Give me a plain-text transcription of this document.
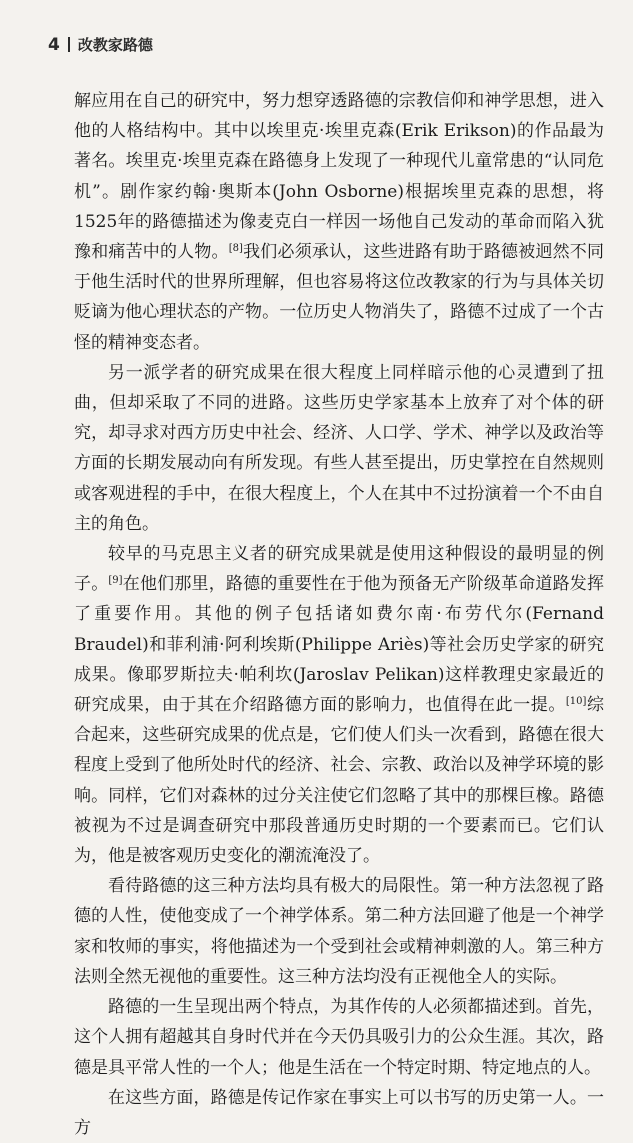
4 改教家路德

解应用在自己的研究中，努力想穿透路德的宗教信仰和神学思想，进入他的人格结构中。其中以埃里克·埃里克森(Erik Erikson)的作品最为著名。埃里克·埃里克森在路德身上发现了一种现代儿童常患的“认同危机”。剧作家约翰·奥斯本(John Osborne)根据埃里克森的思想，将1525年的路德描述为像麦克白一样因一场他自己发动的革命而陷入犹豫和痛苦中的人物。[8]我们必须承认，这些进路有助于路德被迥然不同于他生活时代的世界所理解，但也容易将这位改教家的行为与具体关切贬谪为他心理状态的产物。一位历史人物消失了，路德不过成了一个古怪的精神变态者。

另一派学者的研究成果在很大程度上同样暗示他的心灵遭到了扭曲，但却采取了不同的进路。这些历史学家基本上放弃了对个体的研究，却寻求对西方历史中社会、经济、人口学、学术、神学以及政治等方面的长期发展动向有所发现。有些人甚至提出，历史掌控在自然规则或客观进程的手中，在很大程度上，个人在其中不过扮演着一个不由自主的角色。

较早的马克思主义者的研究成果就是使用这种假设的最明显的例子。[9]在他们那里，路德的重要性在于他为预备无产阶级革命道路发挥了重要作用。其他的例子包括诸如费尔南·布劳代尔(Fernand Braudel)和菲利浦·阿利埃斯(Philippe Ariès)等社会历史学家的研究成果。像耶罗斯拉夫·帕利坎(Jaroslav Pelikan)这样教理史家最近的研究成果，由于其在介绍路德方面的影响力，也值得在此一提。[10]综合起来，这些研究成果的优点是，它们使人们头一次看到，路德在很大程度上受到了他所处时代的经济、社会、宗教、政治以及神学环境的影响。同样，它们对森林的过分关注使它们忽略了其中的那棵巨橡。路德被视为不过是调查研究中那段普通历史时期的一个要素而已。它们认为，他是被客观历史变化的潮流淹没了。

看待路德的这三种方法均具有极大的局限性。第一种方法忽视了路德的人性，使他变成了一个神学体系。第二种方法回避了他是一个神学家和牧师的事实，将他描述为一个受到社会或精神刺激的人。第三种方法则全然无视他的重要性。这三种方法均没有正视他全人的实际。

路德的一生呈现出两个特点，为其作传的人必须都描述到。首先，这个人拥有超越其自身时代并在今天仍具吸引力的公众生涯。其次，路德是具平常人性的一个人；他是生活在一个特定时期、特定地点的人。

在这些方面，路德是传记作家在事实上可以书写的历史第一人。一方
